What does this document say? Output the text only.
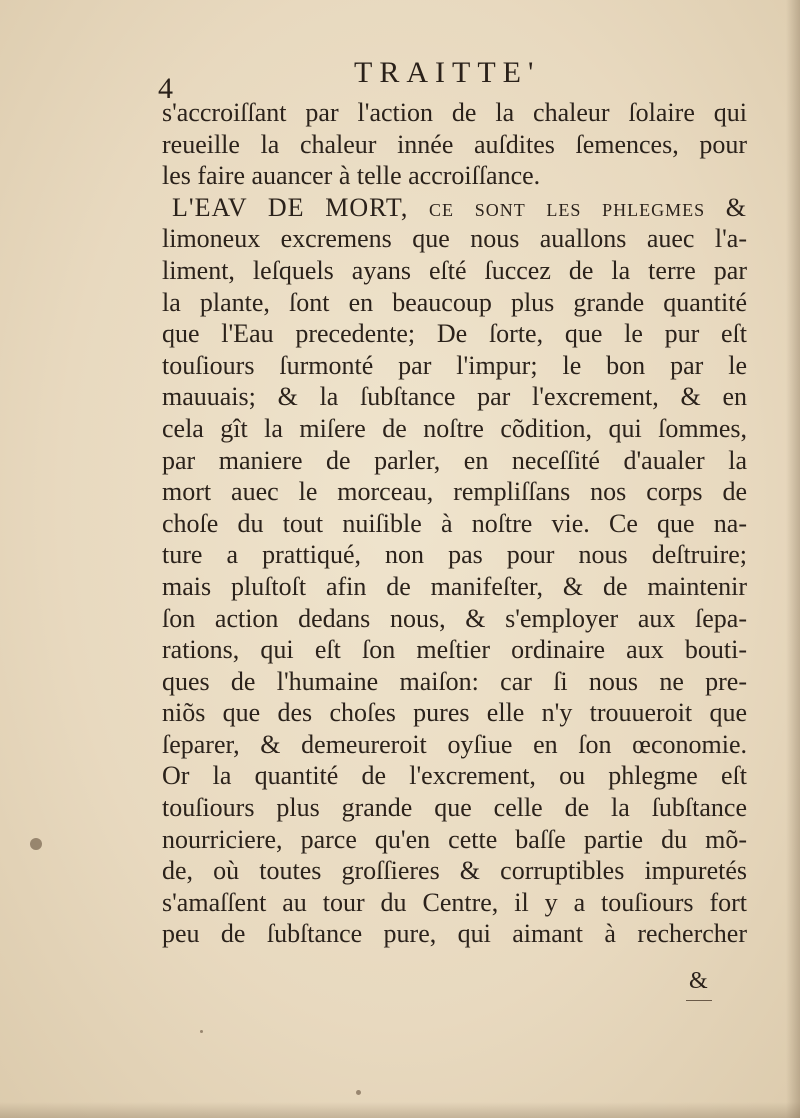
4	TRAITTE'
s'accroiſſant par l'action de la chaleur ſolaire qui
reueille la chaleur innée auſdites ſemences, pour
les faire auancer à telle accroiſſance.
L'EAV DE MORT, ce ſont les phlegmes &
limoneux excremens que nous auallons auec l'a-
liment, leſquels ayans eſté ſuccez de la terre par
la plante, ſont en beaucoup plus grande quantité
que l'Eau precedente; De ſorte, que le pur eſt
touſiours ſurmonté par l'impur; le bon par le
mauuais; & la ſubſtance par l'excrement, & en
cela gît la miſere de noſtre cõdition, qui ſommes,
par maniere de parler, en neceſſité d'aualer la
mort auec le morceau, rempliſſans nos corps de
choſe du tout nuiſible à noſtre vie. Ce que na-
ture a prattiqué, non pas pour nous deſtruire;
mais pluſtoſt afin de manifeſter, & de maintenir
ſon action dedans nous, & s'employer aux ſepa-
rations, qui eſt ſon meſtier ordinaire aux bouti-
ques de l'humaine maiſon: car ſi nous ne pre-
niõs que des choſes pures elle n'y trouueroit que
ſeparer, & demeureroit oyſiue en ſon œconomie.
Or la quantité de l'excrement, ou phlegme eſt
touſiours plus grande que celle de la ſubſtance
nourriciere, parce qu'en cette baſſe partie du mõ-
de, où toutes groſſieres & corruptibles impuretés
s'amaſſent au tour du Centre, il y a touſiours fort
peu de ſubſtance pure, qui aimant à rechercher
&
